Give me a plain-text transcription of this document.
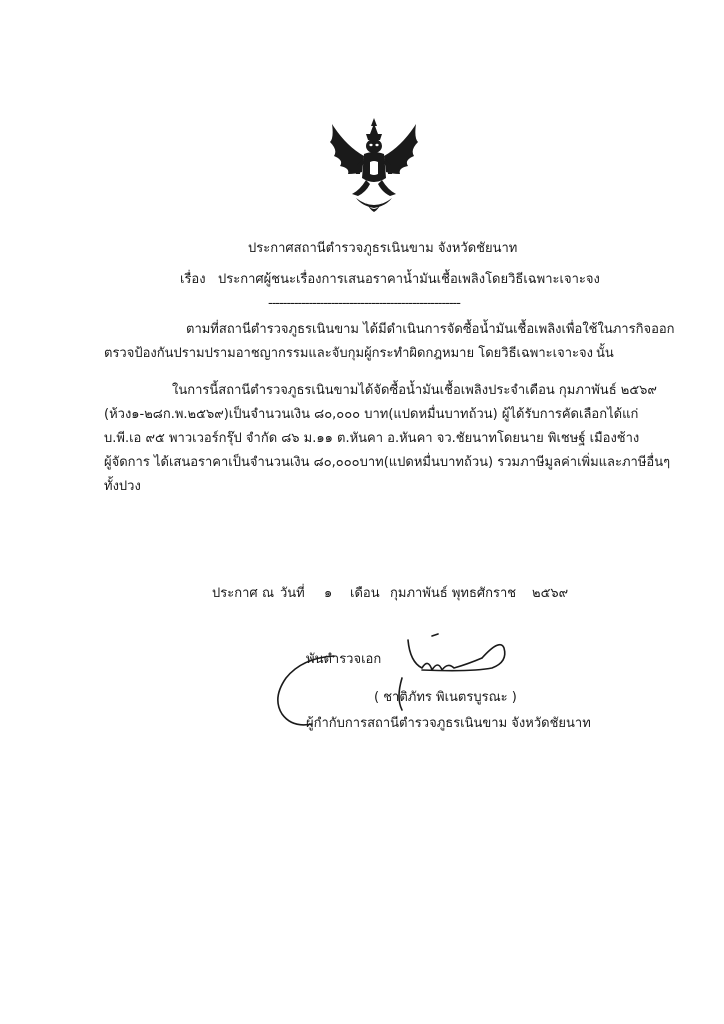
ประกาศสถานีตำรวจภูธรเนินขาม จังหวัดชัยนาท
เรื่อง ประกาศผู้ชนะเรื่องการเสนอราคาน้ำมันเชื้อเพลิงโดยวิธีเฉพาะเจาะจง
----------------------------------------------------
ตามที่สถานีตำรวจภูธรเนินขาม ได้มีดำเนินการจัดซื้อน้ำมันเชื้อเพลิงเพื่อใช้ในภารกิจออก
ตรวจป้องกันปรามปรามอาชญากรรมและจับกุมผู้กระทำผิดกฎหมาย โดยวิธีเฉพาะเจาะจง นั้น
ในการนี้สถานีตำรวจภูธรเนินขามได้จัดซื้อน้ำมันเชื้อเพลิงประจำเดือน กุมภาพันธ์ ๒๕๖๙
(ห้วง๑-๒๘ก.พ.๒๕๖๙)เป็นจำนวนเงิน ๘๐,๐๐๐ บาท(แปดหมื่นบาทถ้วน) ผู้ได้รับการคัดเลือกได้แก่
บ.พี.เอ ๙๕ พาวเวอร์กรุ๊ป จำกัด ๘๖ ม.๑๑ ต.หันคา อ.หันคา จว.ชัยนาทโดยนาย พิเชษฐ์ เมืองช้าง
ผู้จัดการ ได้เสนอราคาเป็นจำนวนเงิน ๘๐,๐๐๐บาท(แปดหมื่นบาทถ้วน) รวมภาษีมูลค่าเพิ่มและภาษีอื่นๆ
ทั้งปวง
ประกาศ ณ วันที่ ๑ เดือน กุมภาพันธ์ พุทธศักราช ๒๕๖๙
พันตำรวจเอก
( ชาติภัทร พิเนตรบูรณะ )
ผู้กำกับการสถานีตำรวจภูธรเนินขาม จังหวัดชัยนาท
